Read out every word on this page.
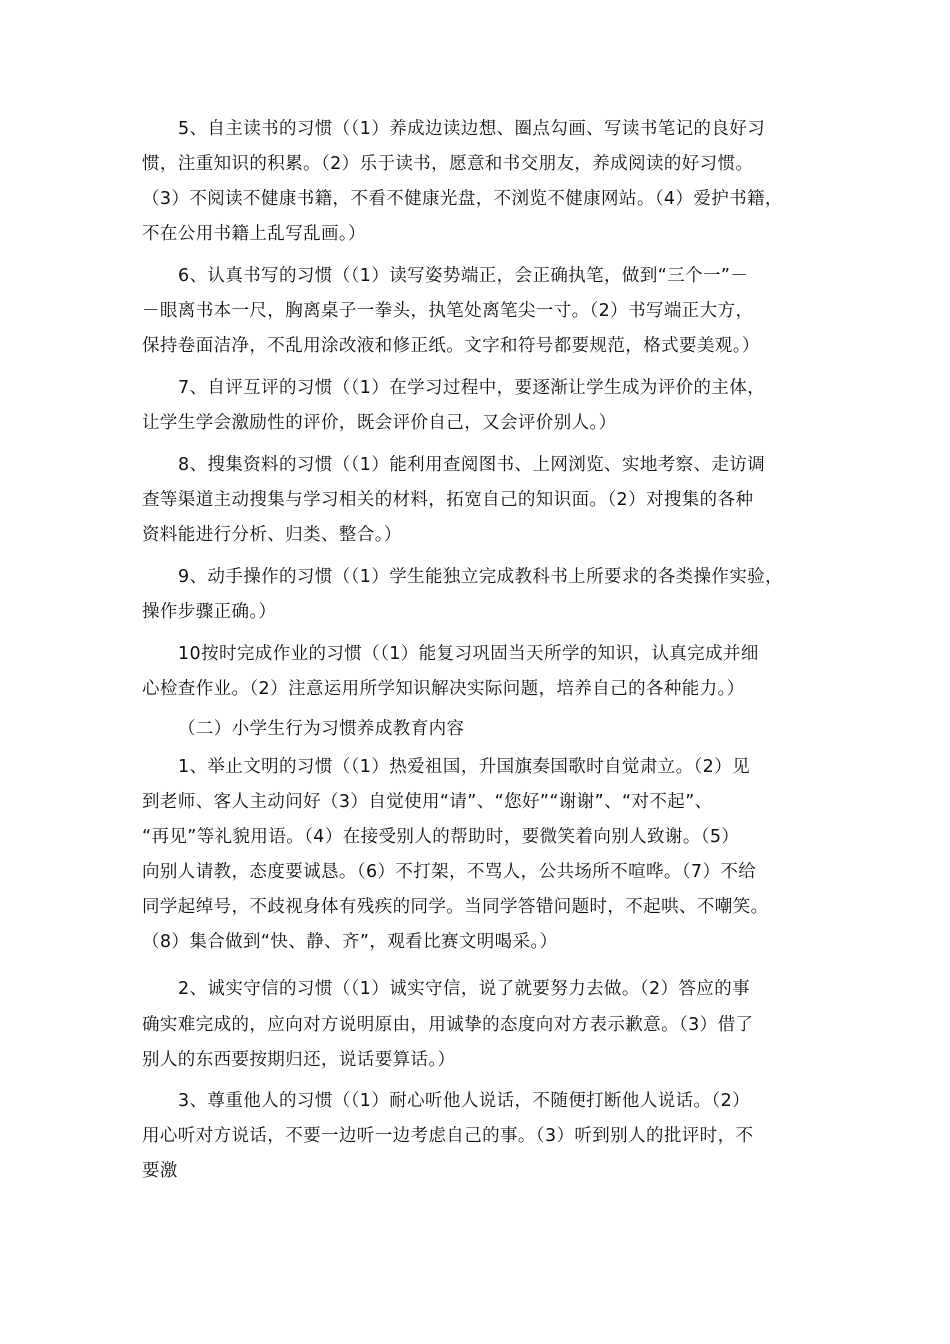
5、自主读书的习惯（（1）养成边读边想、圈点勾画、写读书笔记的良好习
惯，注重知识的积累。（2）乐于读书，愿意和书交朋友，养成阅读的好习惯。
（3）不阅读不健康书籍，不看不健康光盘，不浏览不健康网站。（4）爱护书籍，
不在公用书籍上乱写乱画。）
6、认真书写的习惯（（1）读写姿势端正，会正确执笔，做到“三个一”－
－眼离书本一尺，胸离桌子一拳头，执笔处离笔尖一寸。（2）书写端正大方，
保持卷面洁净，不乱用涂改液和修正纸。文字和符号都要规范，格式要美观。）
7、自评互评的习惯（（1）在学习过程中，要逐渐让学生成为评价的主体，
让学生学会激励性的评价，既会评价自己，又会评价别人。）
8、搜集资料的习惯（（1）能利用查阅图书、上网浏览、实地考察、走访调
查等渠道主动搜集与学习相关的材料，拓宽自己的知识面。（2）对搜集的各种
资料能进行分析、归类、整合。）
9、动手操作的习惯（（1）学生能独立完成教科书上所要求的各类操作实验，
操作步骤正确。）
10按时完成作业的习惯（（1）能复习巩固当天所学的知识，认真完成并细
心检查作业。（2）注意运用所学知识解决实际问题，培养自己的各种能力。）
（二）小学生行为习惯养成教育内容
1、举止文明的习惯（（1）热爱祖国，升国旗奏国歌时自觉肃立。（2）见
到老师、客人主动问好（3）自觉使用“请”、“您好”“谢谢”、“对不起”、
“再见”等礼貌用语。（4）在接受别人的帮助时，要微笑着向别人致谢。（5）
向别人请教，态度要诚恳。（6）不打架，不骂人，公共场所不喧哗。（7）不给
同学起绰号，不歧视身体有残疾的同学。当同学答错问题时，不起哄、不嘲笑。
（8）集合做到“快、静、齐”，观看比赛文明喝采。）
2、诚实守信的习惯（（1）诚实守信，说了就要努力去做。（2）答应的事
确实难完成的，应向对方说明原由，用诚挚的态度向对方表示歉意。（3）借了
别人的东西要按期归还，说话要算话。）
3、尊重他人的习惯（（1）耐心听他人说话，不随便打断他人说话。（2）
用心听对方说话，不要一边听一边考虑自己的事。（3）听到别人的批评时，不
要激
